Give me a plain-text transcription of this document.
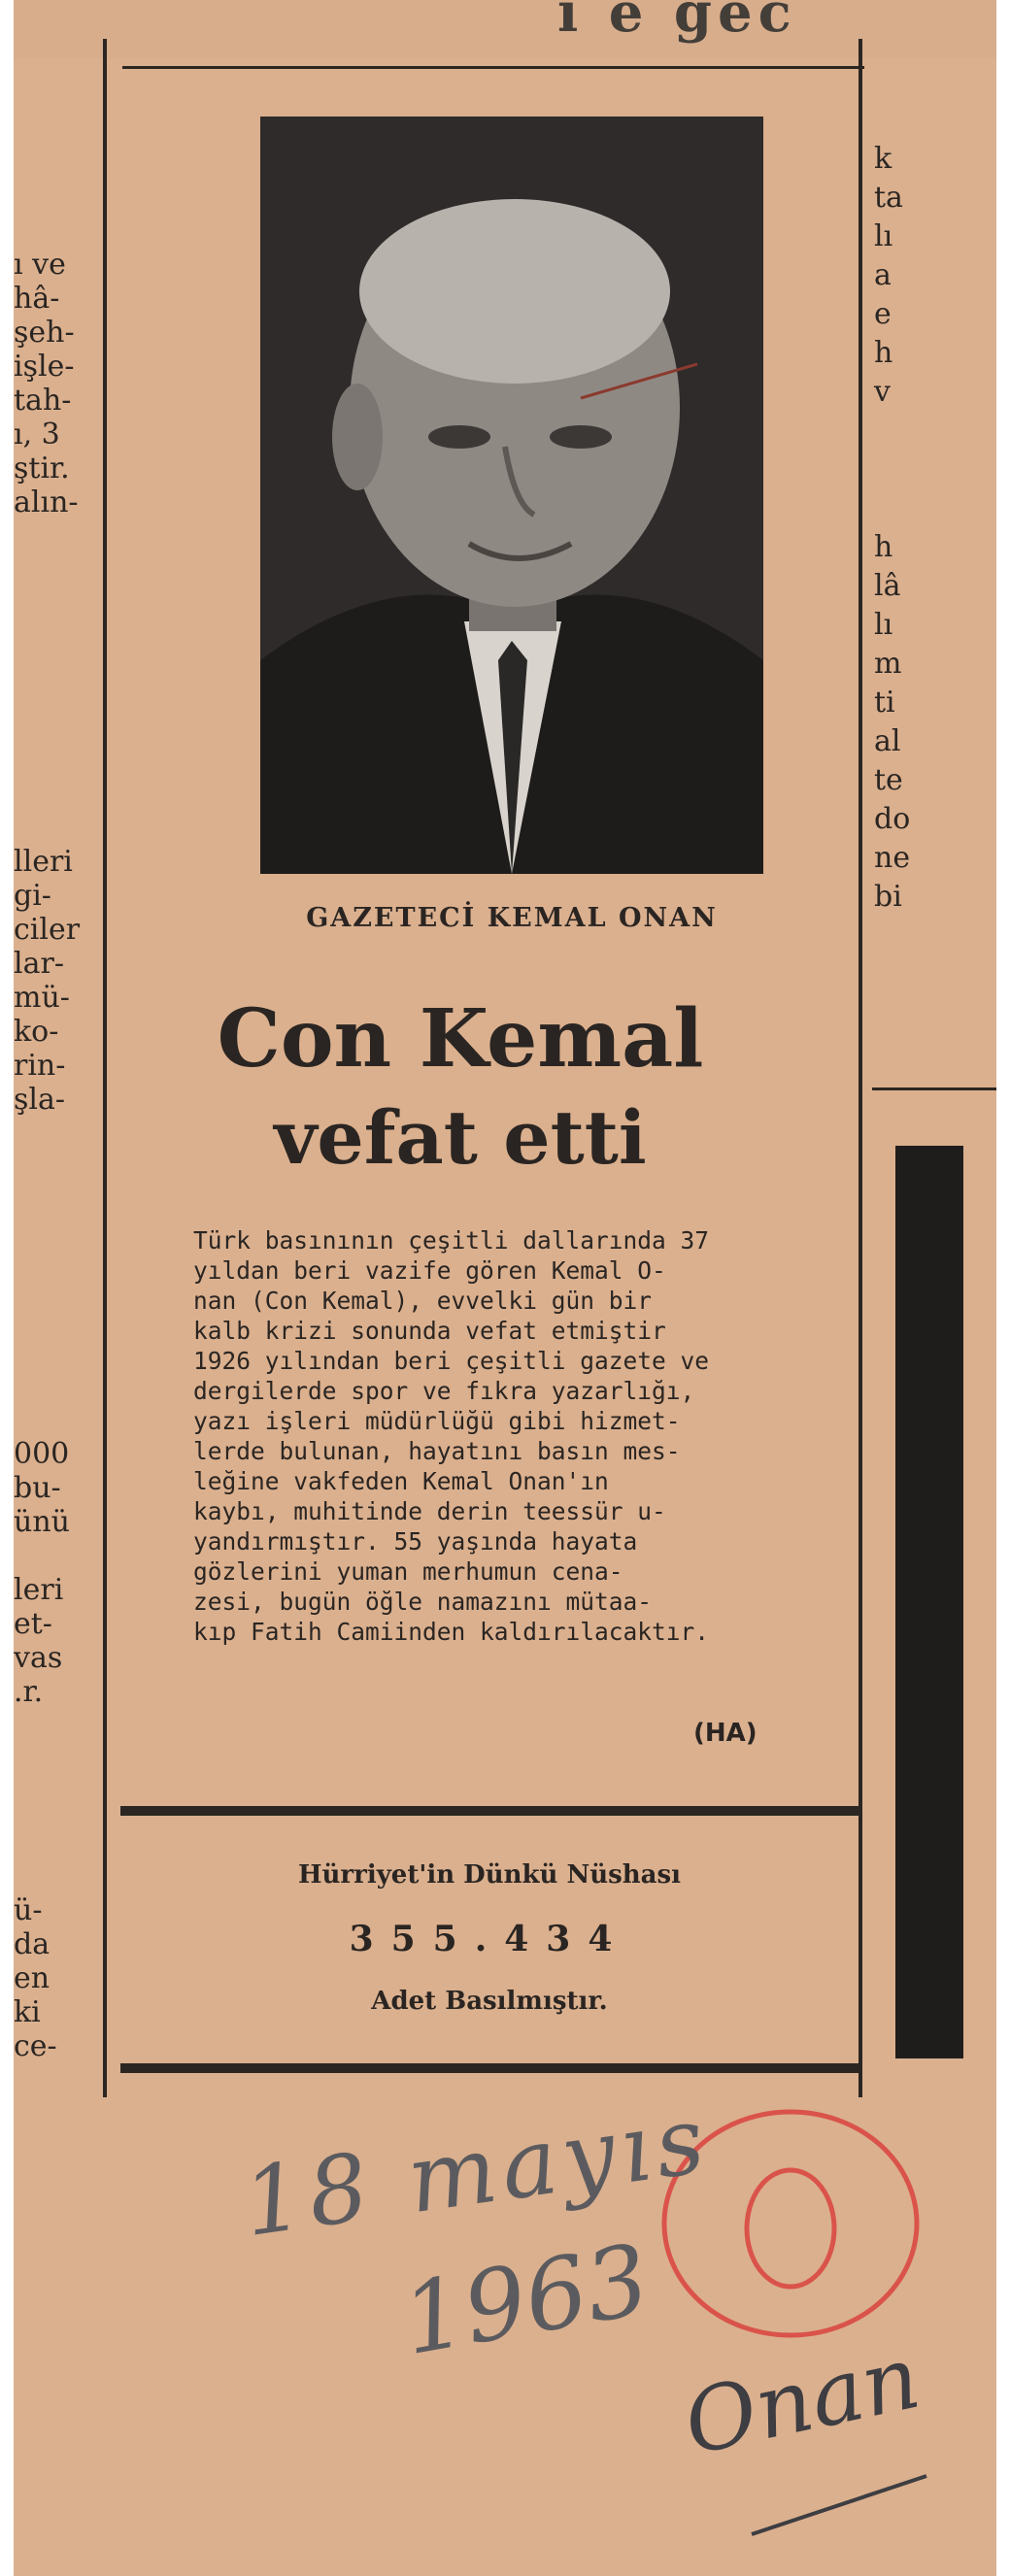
ı e gec
ı ve
hâ-
şeh-
işle-
tah-
ı, 3
ştir.
alın-
lleri
gi-
ciler
lar-
mü-
ko-
rin-
şla-
000
bu-
ünü
leri
et-
vas
.r.
ü-
da
en
ki
ce-
k
ta
lı
a
e
h
v
h
lâ
lı
m
ti
al
te
do
ne
bi
GAZETECİ KEMAL ONAN
Con Kemal
vefat etti
Türk basınının çeşitli dallarında 37
yıldan beri vazife gören Kemal O-
nan (Con Kemal), evvelki gün bir
kalb krizi sonunda vefat etmiştir
1926 yılından beri çeşitli gazete ve
dergilerde spor ve fıkra yazarlığı,
yazı işleri müdürlüğü gibi hizmet-
lerde bulunan, hayatını basın mes-
leğine vakfeden Kemal Onan'ın
kaybı, muhitinde derin teessür u-
yandırmıştır. 55 yaşında hayata
gözlerini yuman merhumun cena-
zesi, bugün öğle namazını mütaa-
kıp Fatih Camiinden kaldırılacaktır.
(HA)
Hürriyet'in Dünkü Nüshası
355.434
Adet Basılmıştır.
18 mayıs
1963
Onan
